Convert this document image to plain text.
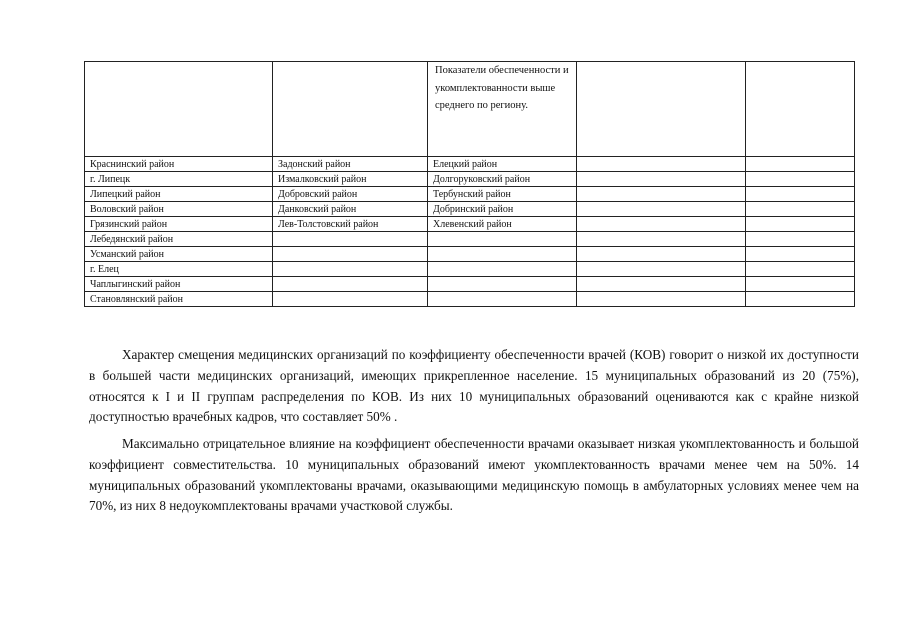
		Показатели обеспеченности и укомплектованности выше среднего по региону.		

Краснинский район	Задонский район	Елецкий район		
г. Липецк	Измалковский район	Долгоруковский район		
Липецкий район	Добровский район	Тербунский район		
Воловский район	Данковский район	Добринский район		
Грязинский район	Лев-Толстовский район	Хлевенский район		
Лебедянский район				
Усманский район				
г. Елец				
Чаплыгинский район				
Становлянский район				

Характер смещения медицинских организаций по коэффициенту обеспеченности врачей (КОВ) говорит о низкой их доступности в большей части медицинских организаций, имеющих прикрепленное население. 15 муниципальных образований из 20 (75%), относятся к I и II группам распределения по КОВ. Из них 10 муниципальных образований оцениваются как с крайне низкой доступностью врачебных кадров, что составляет 50% .

Максимально отрицательное влияние на коэффициент обеспеченности врачами оказывает низкая укомплектованность и большой коэффициент совместительства. 10 муниципальных образований имеют укомплектованность врачами менее чем на 50%. 14 муниципальных образований укомплектованы врачами, оказывающими медицинскую помощь в амбулаторных условиях менее чем на 70%, из них 8 недоукомплектованы врачами участковой службы.
